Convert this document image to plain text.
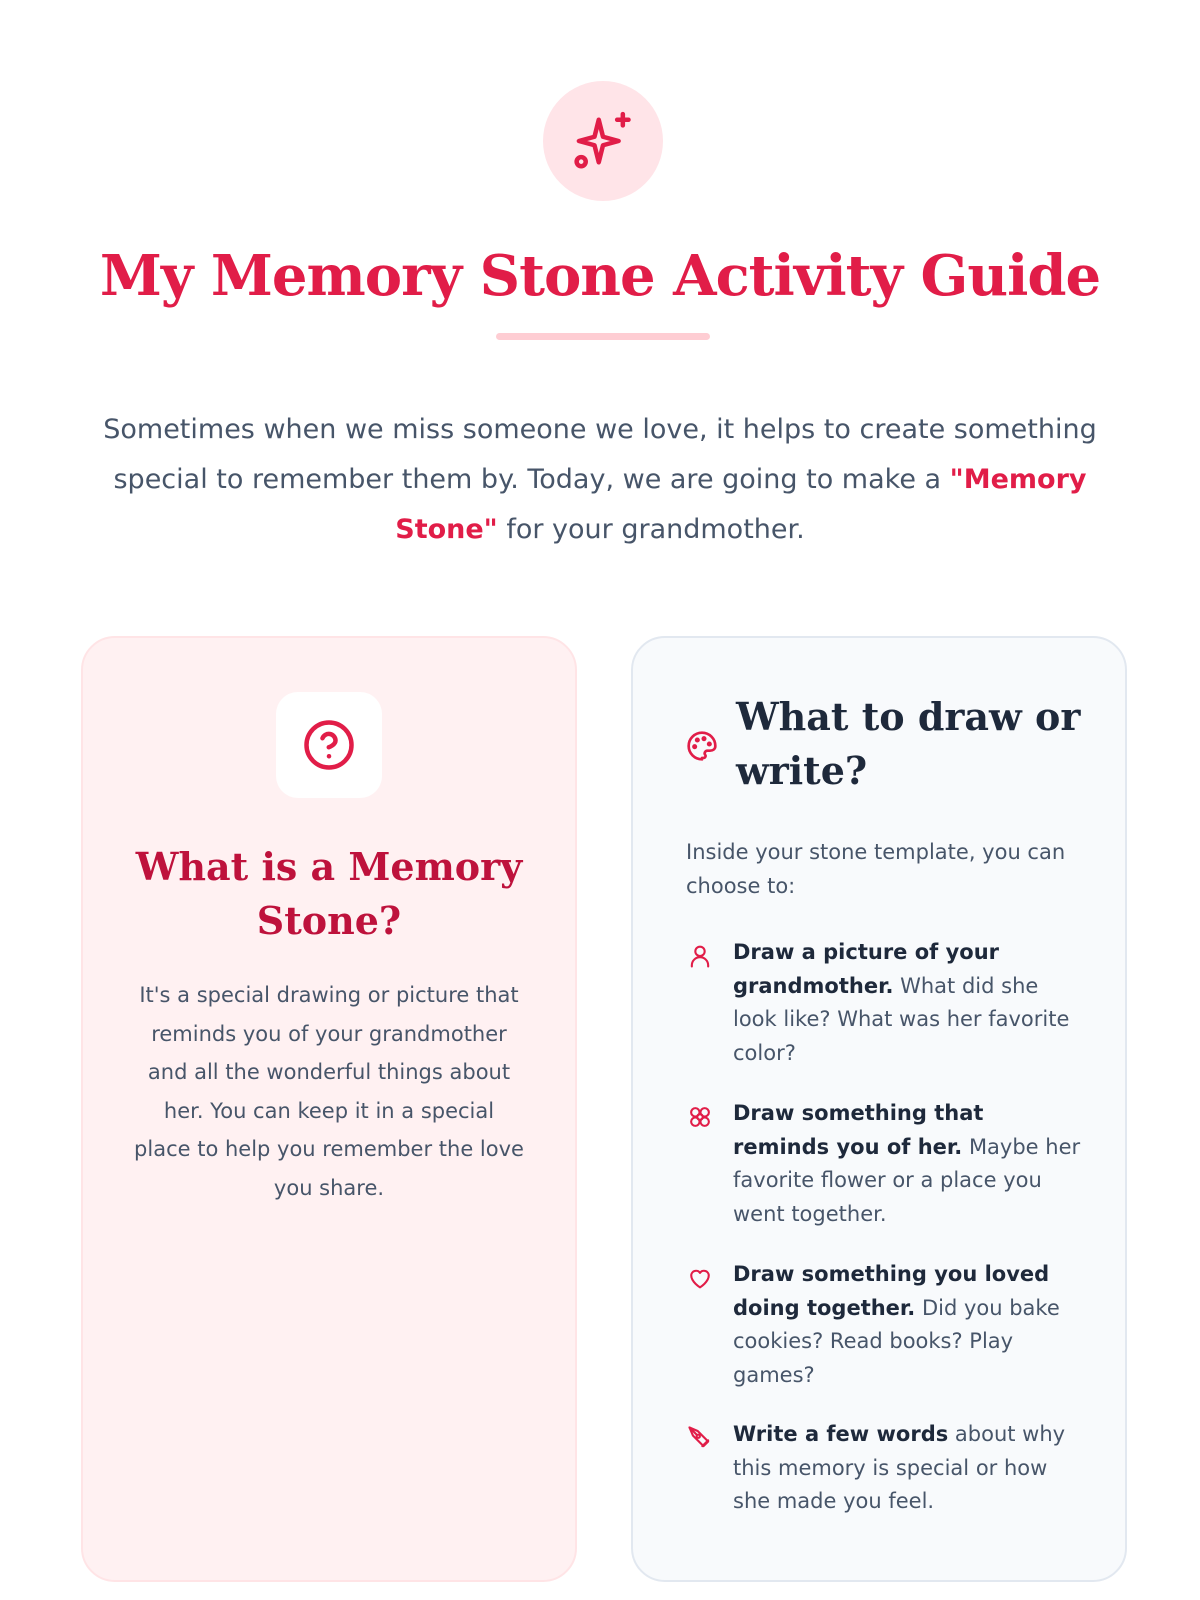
My Memory Stone Activity Guide

Sometimes when we miss someone we love, it helps to create something special to remember them by. Today, we are going to make a "Memory Stone" for your grandmother.

What is a Memory Stone?

It's a special drawing or picture that reminds you of your grandmother and all the wonderful things about her. You can keep it in a special place to help you remember the love you share.

What to draw or write?

Inside your stone template, you can choose to:

Draw a picture of your grandmother. What did she look like? What was her favorite color?

Draw something that reminds you of her. Maybe her favorite flower or a place you went together.

Draw something you loved doing together. Did you bake cookies? Read books? Play games?

Write a few words about why this memory is special or how she made you feel.
